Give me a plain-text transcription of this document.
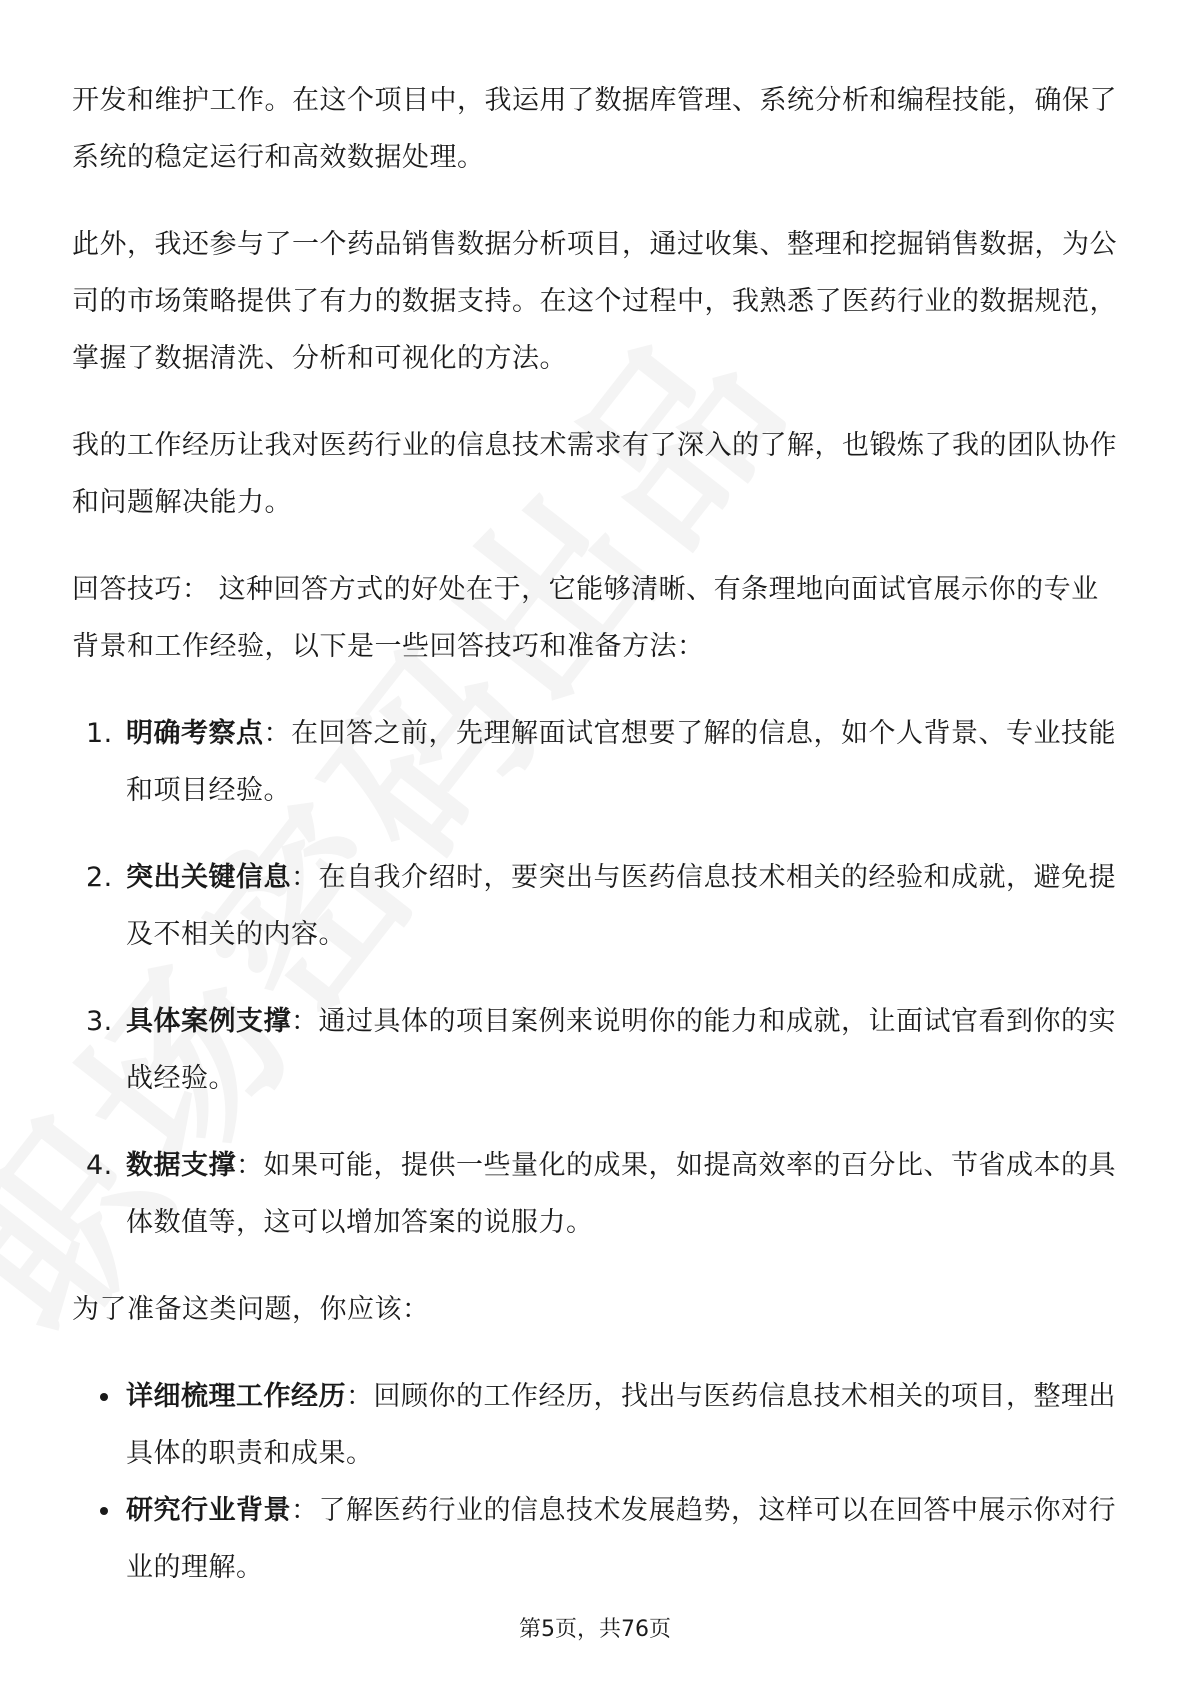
开发和维护工作。在这个项目中，我运用了数据库管理、系统分析和编程技能，确保了系统的稳定运行和高效数据处理。

此外，我还参与了一个药品销售数据分析项目，通过收集、整理和挖掘销售数据，为公司的市场策略提供了有力的数据支持。在这个过程中，我熟悉了医药行业的数据规范，掌握了数据清洗、分析和可视化的方法。

我的工作经历让我对医药行业的信息技术需求有了深入的了解，也锻炼了我的团队协作和问题解决能力。

回答技巧： 这种回答方式的好处在于，它能够清晰、有条理地向面试官展示你的专业背景和工作经验，以下是一些回答技巧和准备方法：

1. 明确考察点：在回答之前，先理解面试官想要了解的信息，如个人背景、专业技能和项目经验。
2. 突出关键信息：在自我介绍时，要突出与医药信息技术相关的经验和成就，避免提及不相关的内容。
3. 具体案例支撑：通过具体的项目案例来说明你的能力和成就，让面试官看到你的实战经验。
4. 数据支撑：如果可能，提供一些量化的成果，如提高效率的百分比、节省成本的具体数值等，这可以增加答案的说服力。

为了准备这类问题，你应该：

详细梳理工作经历：回顾你的工作经历，找出与医药信息技术相关的项目，整理出具体的职责和成果。
研究行业背景：了解医药行业的信息技术发展趋势，这样可以在回答中展示你对行业的理解。
第5页，共76页
